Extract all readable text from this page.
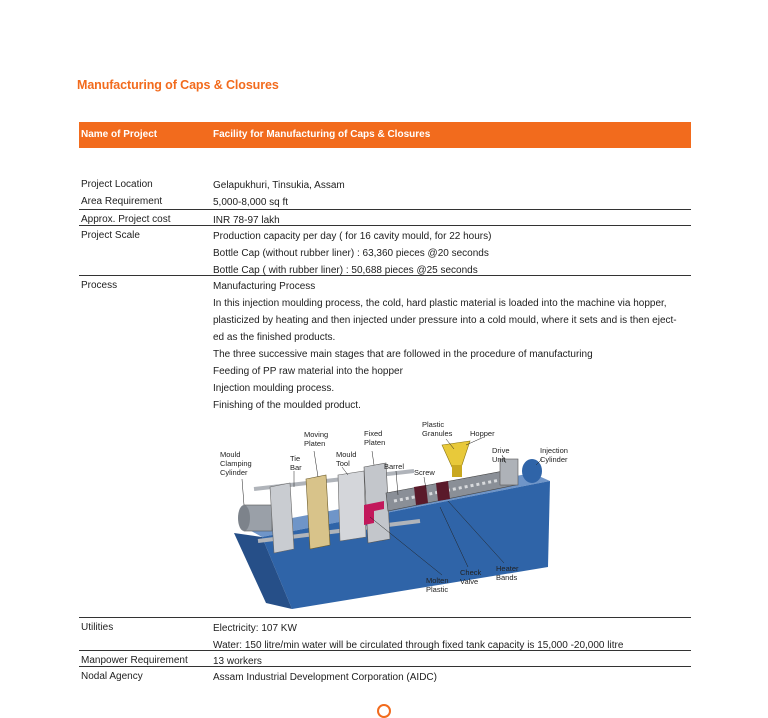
Manufacturing of Caps & Closures
Name of Project	Facility for Manufacturing of Caps & Closures
Project Location	Gelapukhuri, Tinsukia, Assam
Area Requirement	5,000-8,000 sq ft
Approx. Project cost	INR 78-97 lakh
Project Scale	Production capacity per day ( for 16 cavity mould, for 22 hours)
Bottle Cap (without rubber liner) : 63,360 pieces @20 seconds
Bottle Cap ( with rubber liner) : 50,688 pieces @25 seconds
Process	Manufacturing Process
In this injection moulding process, the cold, hard plastic material is loaded into the machine via hopper,
plasticized by heating and then injected under pressure into a cold mould, where it sets and is then eject-
ed as the finished products.
The three successive main stages that are followed in the procedure of manufacturing
Feeding of PP raw material into the hopper
Injection moulding process.
Finishing of the moulded product.
Mould Clamping Cylinder
Tie Bar
Moving Platen
Mould Tool
Fixed Platen
Barrel
Screw
Plastic Granules Hopper
Drive Unit
Injection Cylinder
Molten Plastic
Check Valve
Heater Bands
Utilities	Electricity: 107 KW
Water: 150 litre/min water will be circulated through fixed tank capacity is 15,000 -20,000 litre
Manpower Requirement	13 workers
Nodal Agency	Assam Industrial Development Corporation (AIDC)
